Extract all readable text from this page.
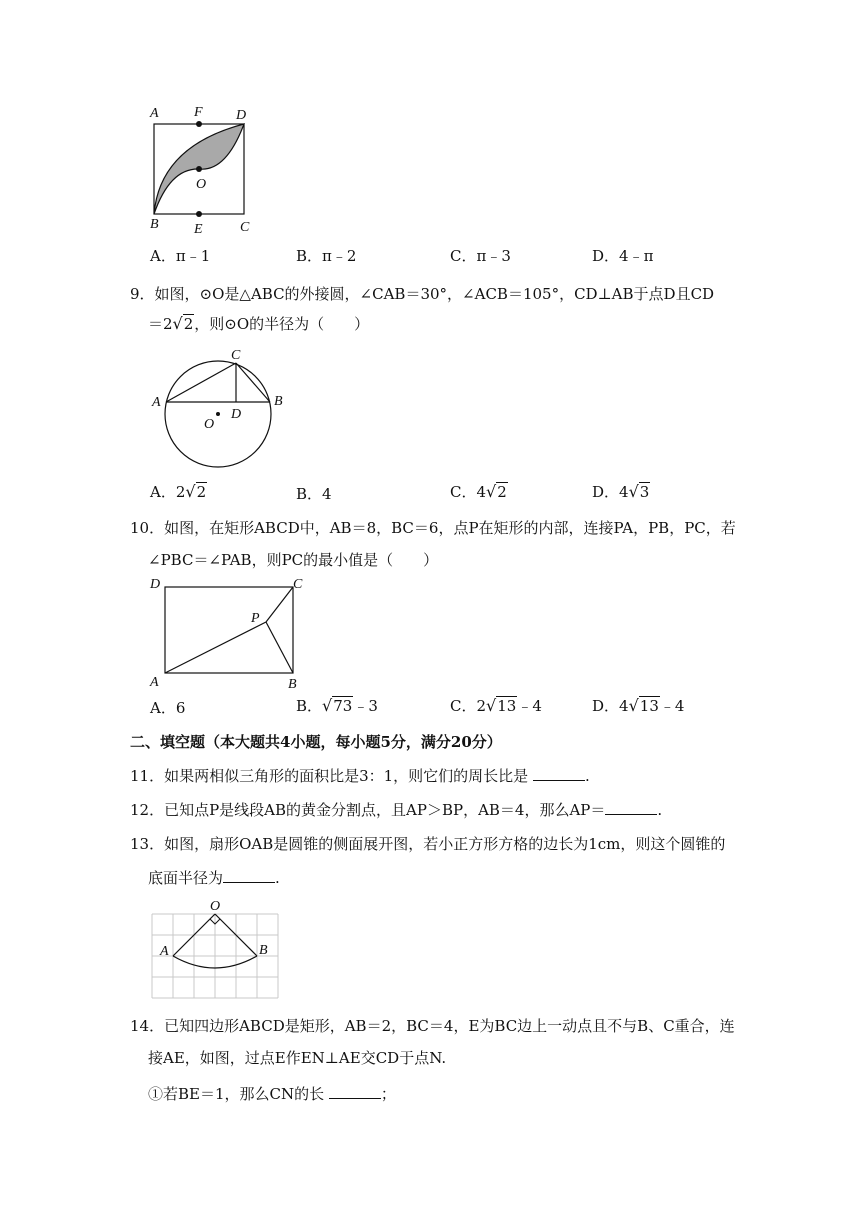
A	F D
O
B	E	C
A．π﹣1	B．π﹣2	C．π﹣3	D．4﹣π
9．如图，⊙O是△ABC的外接圆，∠CAB＝30°，∠ACB＝105°，CD⊥AB于点D且CD
＝2√2，则⊙O的半径为（　　）
C
A	B
D
O
A．2√2	B．4	C．4√2	D．4√3
10．如图，在矩形ABCD中，AB＝8，BC＝6，点P在矩形的内部，连接PA，PB，PC，若
∠PBC＝∠PAB，则PC的最小值是（　　）
D	C
P
A	B
A．6	B．√73﹣3	C．2√13﹣4	D．4√13﹣4
二、填空题（本大题共4小题，每小题5分，满分20分）
11．如果两相似三角形的面积比是3：1，则它们的周长比是	.
12．已知点P是线段AB的黄金分割点，且AP＞BP，AB＝4，那么AP＝	.
13．如图，扇形OAB是圆锥的侧面展开图，若小正方形方格的边长为1cm，则这个圆锥的
底面半径为	.
O
A	B
14．已知四边形ABCD是矩形，AB＝2，BC＝4，E为BC边上一动点且不与B、C重合，连
接AE，如图，过点E作EN⊥AE交CD于点N.
①若BE＝1，那么CN的长	；
